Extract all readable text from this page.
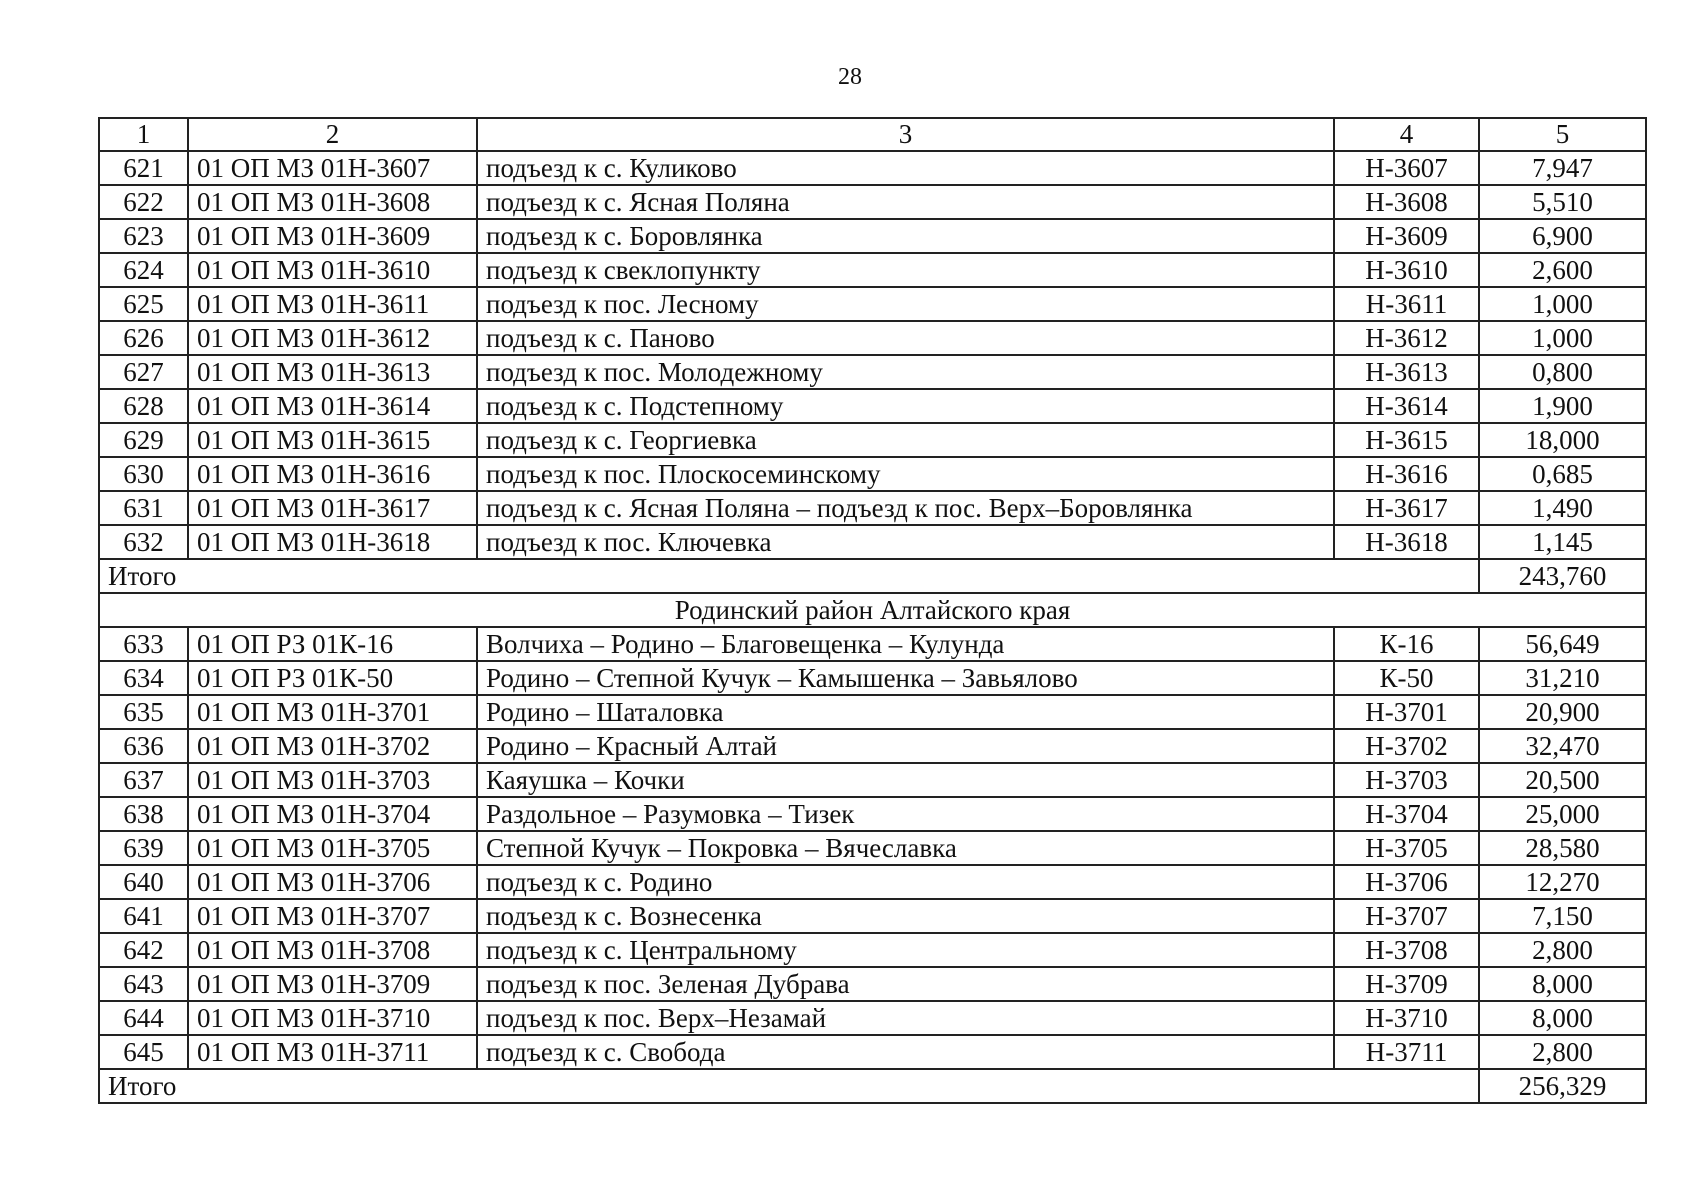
28
1	2	3	4	5
621	01 ОП МЗ 01Н-3607	подъезд к с. Куликово	Н-3607	7,947
622	01 ОП МЗ 01Н-3608	подъезд к с. Ясная Поляна	Н-3608	5,510
623	01 ОП МЗ 01Н-3609	подъезд к с. Боровлянка	Н-3609	6,900
624	01 ОП МЗ 01Н-3610	подъезд к свеклопункту	Н-3610	2,600
625	01 ОП МЗ 01Н-3611	подъезд к пос. Лесному	Н-3611	1,000
626	01 ОП МЗ 01Н-3612	подъезд к с. Паново	Н-3612	1,000
627	01 ОП МЗ 01Н-3613	подъезд к пос. Молодежному	Н-3613	0,800
628	01 ОП МЗ 01Н-3614	подъезд к с. Подстепному	Н-3614	1,900
629	01 ОП МЗ 01Н-3615	подъезд к с. Георгиевка	Н-3615	18,000
630	01 ОП МЗ 01Н-3616	подъезд к пос. Плоскосеминскому	Н-3616	0,685
631	01 ОП МЗ 01Н-3617	подъезд к с. Ясная Поляна – подъезд к пос. Верх–Боровлянка	Н-3617	1,490
632	01 ОП МЗ 01Н-3618	подъезд к пос. Ключевка	Н-3618	1,145
Итого				243,760
Родинский район Алтайского края				
633	01 ОП РЗ 01К-16	Волчиха – Родино – Благовещенка – Кулунда	К-16	56,649
634	01 ОП РЗ 01К-50	Родино – Степной Кучук – Камышенка – Завьялово	К-50	31,210
635	01 ОП МЗ 01Н-3701	Родино – Шаталовка	Н-3701	20,900
636	01 ОП МЗ 01Н-3702	Родино – Красный Алтай	Н-3702	32,470
637	01 ОП МЗ 01Н-3703	Каяушка – Кочки	Н-3703	20,500
638	01 ОП МЗ 01Н-3704	Раздольное – Разумовка – Тизек	Н-3704	25,000
639	01 ОП МЗ 01Н-3705	Степной Кучук – Покровка – Вячеславка	Н-3705	28,580
640	01 ОП МЗ 01Н-3706	подъезд к с. Родино	Н-3706	12,270
641	01 ОП МЗ 01Н-3707	подъезд к с. Вознесенка	Н-3707	7,150
642	01 ОП МЗ 01Н-3708	подъезд к с. Центральному	Н-3708	2,800
643	01 ОП МЗ 01Н-3709	подъезд к пос. Зеленая Дубрава	Н-3709	8,000
644	01 ОП МЗ 01Н-3710	подъезд к пос. Верх–Незамай	Н-3710	8,000
645	01 ОП МЗ 01Н-3711	подъезд к с. Свобода	Н-3711	2,800
Итого				256,329
